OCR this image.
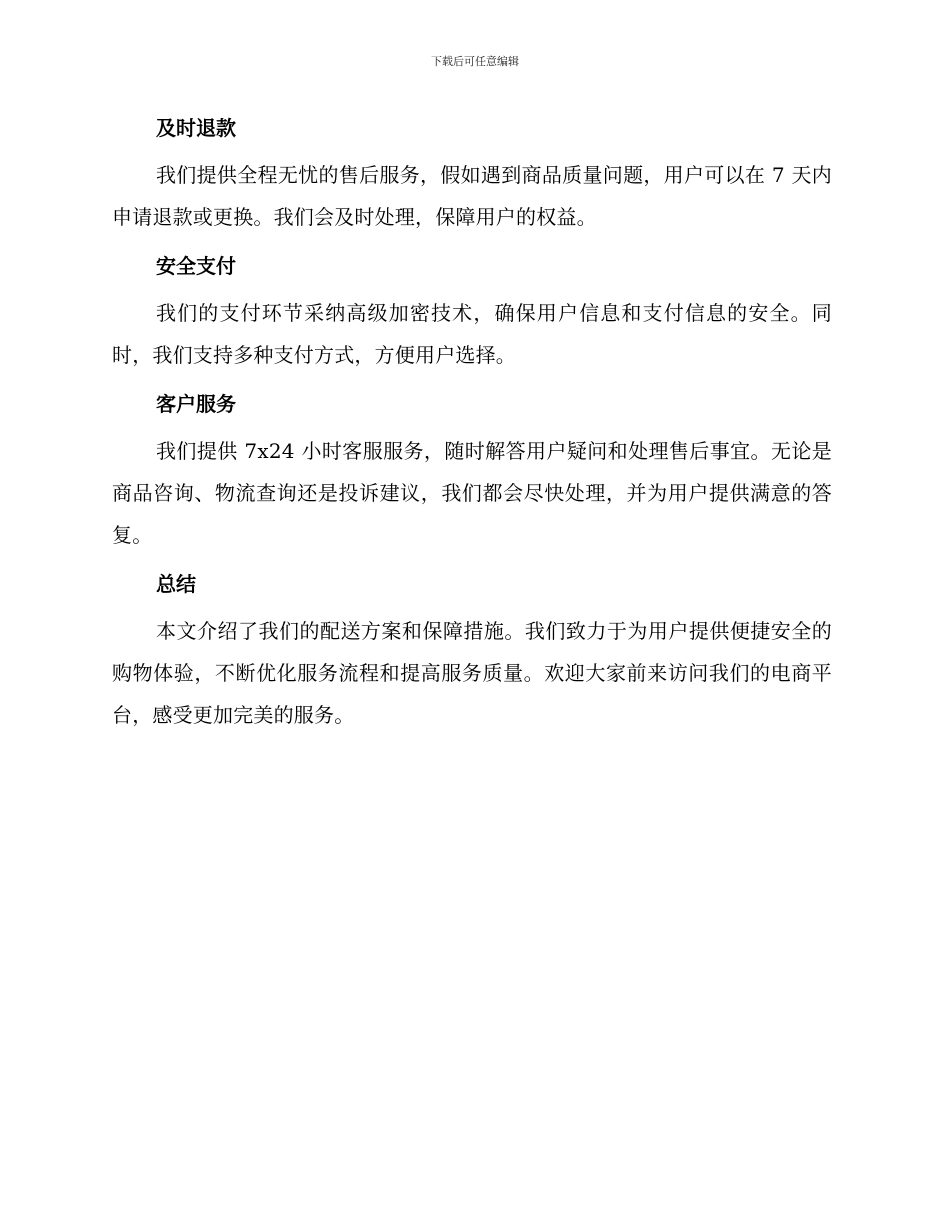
下载后可任意编辑
及时退款

我们提供全程无忧的售后服务，假如遇到商品质量问题，用户可以在 7 天内申请退款或更换。我们会及时处理，保障用户的权益。

安全支付

我们的支付环节采纳高级加密技术，确保用户信息和支付信息的安全。同时，我们支持多种支付方式，方便用户选择。

客户服务

我们提供 7x24 小时客服服务，随时解答用户疑问和处理售后事宜。无论是商品咨询、物流查询还是投诉建议，我们都会尽快处理，并为用户提供满意的答复。

总结

本文介绍了我们的配送方案和保障措施。我们致力于为用户提供便捷安全的购物体验，不断优化服务流程和提高服务质量。欢迎大家前来访问我们的电商平台，感受更加完美的服务。
